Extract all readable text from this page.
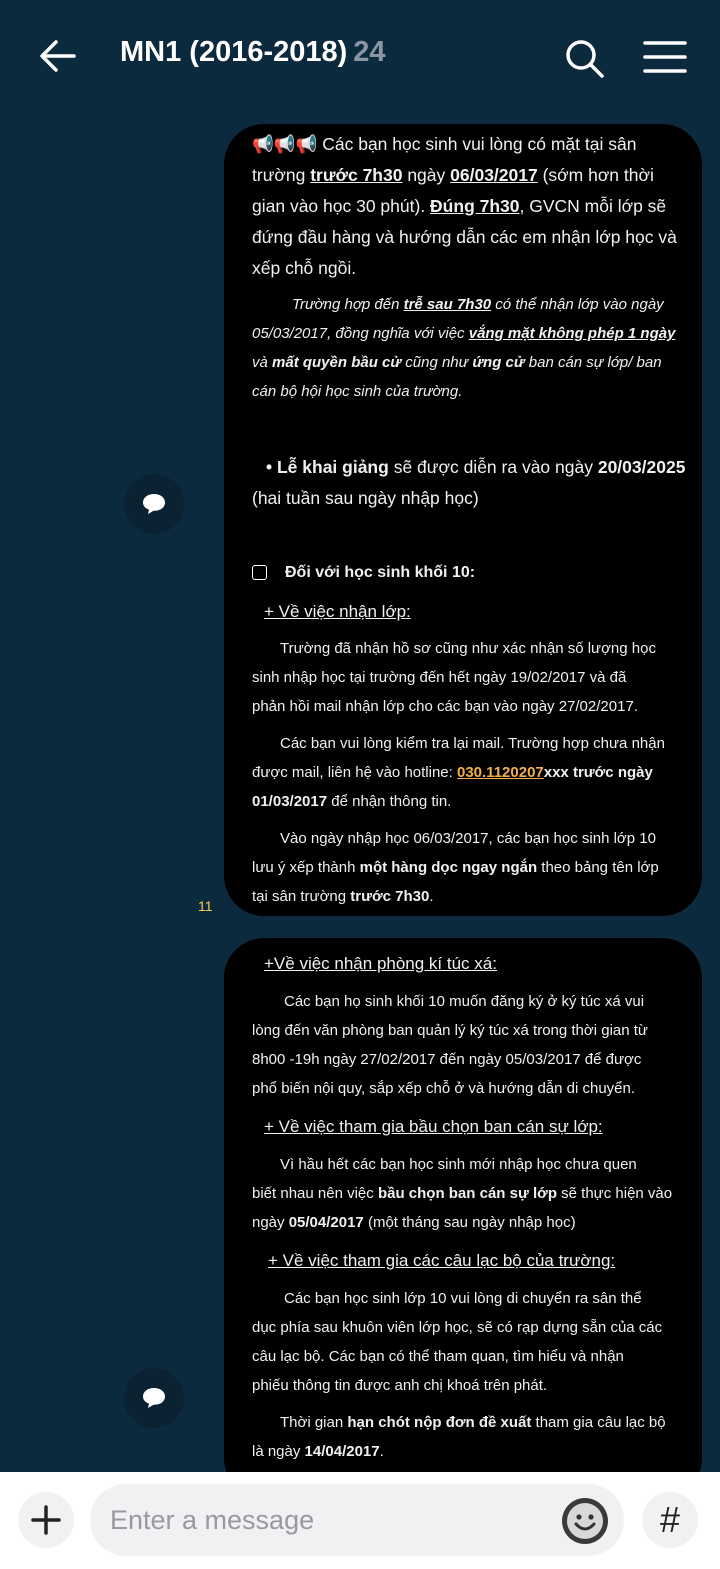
MN1 (2016-2018) 24
11
📢📢📢 Các bạn học sinh vui lòng có mặt tại sân
trường trước 7h30 ngày 06/03/2017 (sớm hơn thời
gian vào học 30 phút). Đúng 7h30, GVCN mỗi lớp sẽ
đứng đầu hàng và hướng dẫn các em nhận lớp học và
xếp chỗ ngồi.
Trường hợp đến trễ sau 7h30 có thể nhận lớp vào ngày
05/03/2017, đồng nghĩa với việc vắng mặt không phép 1 ngày
và mất quyền bầu cử cũng như ứng cử ban cán sự lớp/ ban
cán bộ hội học sinh của trường.
• Lễ khai giảng sẽ được diễn ra vào ngày 20/03/2025
(hai tuần sau ngày nhập học)
Đối với học sinh khối 10:
+ Về việc nhận lớp:
Trường đã nhận hồ sơ cũng như xác nhận số lượng học
sinh nhập học tại trường đến hết ngày 19/02/2017 và đã
phản hồi mail nhận lớp cho các bạn vào ngày 27/02/2017.
Các bạn vui lòng kiểm tra lại mail. Trường hợp chưa nhận
được mail, liên hệ vào hotline: 030.1120207xxx trước ngày
01/03/2017 để nhận thông tin.
Vào ngày nhập học 06/03/2017, các bạn học sinh lớp 10
lưu ý xếp thành một hàng dọc ngay ngắn theo bảng tên lớp
tại sân trường trước 7h30.
+Về việc nhận phòng kí túc xá:
Các bạn họ sinh khối 10 muốn đăng ký ở ký túc xá vui
lòng đến văn phòng ban quản lý ký túc xá trong thời gian từ
8h00 -19h ngày 27/02/2017 đến ngày 05/03/2017 để được
phổ biến nội quy, sắp xếp chỗ ở và hướng dẫn di chuyển.
+ Về việc tham gia bầu chọn ban cán sự lớp:
Vì hầu hết các bạn học sinh mới nhập học chưa quen
biết nhau nên việc bầu chọn ban cán sự lớp sẽ thực hiện vào
ngày 05/04/2017 (một tháng sau ngày nhập học)
+ Về việc tham gia các câu lạc bộ của trường:
Các bạn học sinh lớp 10 vui lòng di chuyển ra sân thể
dục phía sau khuôn viên lớp học, sẽ có rạp dựng sẵn của các
câu lạc bộ. Các bạn có thể tham quan, tìm hiểu và nhận
phiếu thông tin được anh chị khoá trên phát.
Thời gian hạn chót nộp đơn đề xuất tham gia câu lạc bộ
là ngày 14/04/2017.
Enter a message	#
